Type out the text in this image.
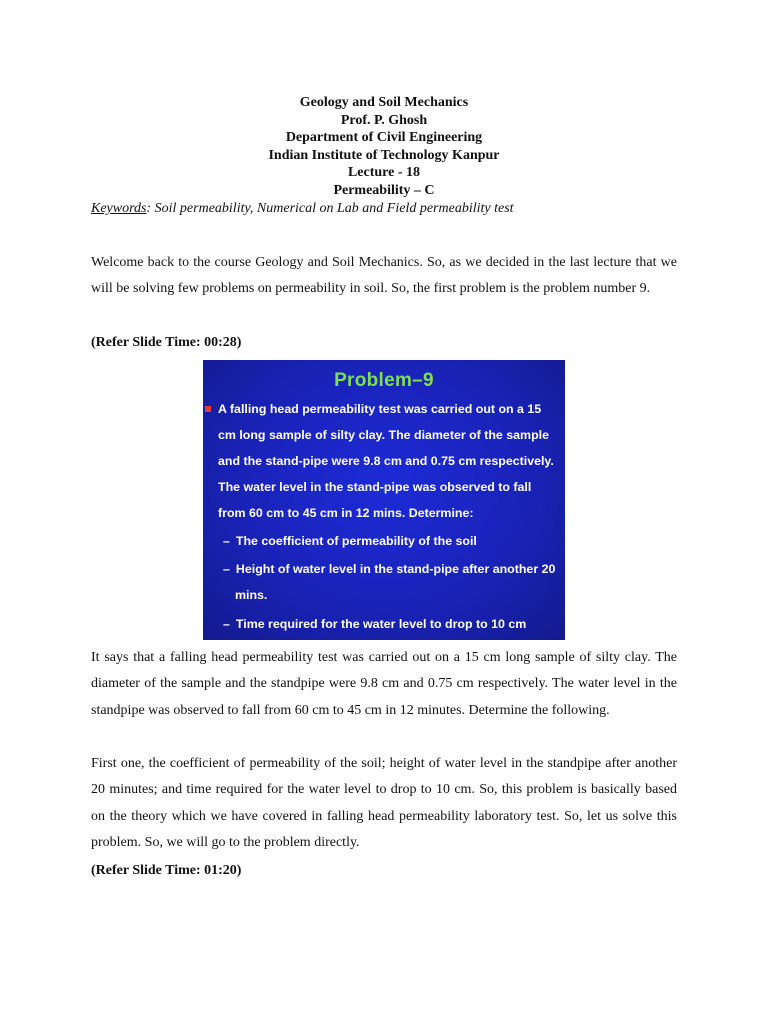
Geology and Soil Mechanics
Prof. P. Ghosh
Department of Civil Engineering
Indian Institute of Technology Kanpur
Lecture - 18
Permeability – C
Keywords: Soil permeability, Numerical on Lab and Field permeability test
Welcome back to the course Geology and Soil Mechanics. So, as we decided in the last lecture that we will be solving few problems on permeability in soil. So, the first problem is the problem number 9.
(Refer Slide Time: 00:28)
Problem–9
A falling head permeability test was carried out on a 15
cm long sample of silty clay. The diameter of the sample
and the stand-pipe were 9.8 cm and 0.75 cm respectively.
The water level in the stand-pipe was observed to fall
from 60 cm to 45 cm in 12 mins. Determine:
– The coefficient of permeability of the soil
– Height of water level in the stand-pipe after another 20
mins.
– Time required for the water level to drop to 10 cm
It says that a falling head permeability test was carried out on a 15 cm long sample of silty clay. The diameter of the sample and the standpipe were 9.8 cm and 0.75 cm respectively. The water level in the standpipe was observed to fall from 60 cm to 45 cm in 12 minutes. Determine the following.
First one, the coefficient of permeability of the soil; height of water level in the standpipe after another 20 minutes; and time required for the water level to drop to 10 cm. So, this problem is basically based on the theory which we have covered in falling head permeability laboratory test. So, let us solve this problem. So, we will go to the problem directly.
(Refer Slide Time: 01:20)
